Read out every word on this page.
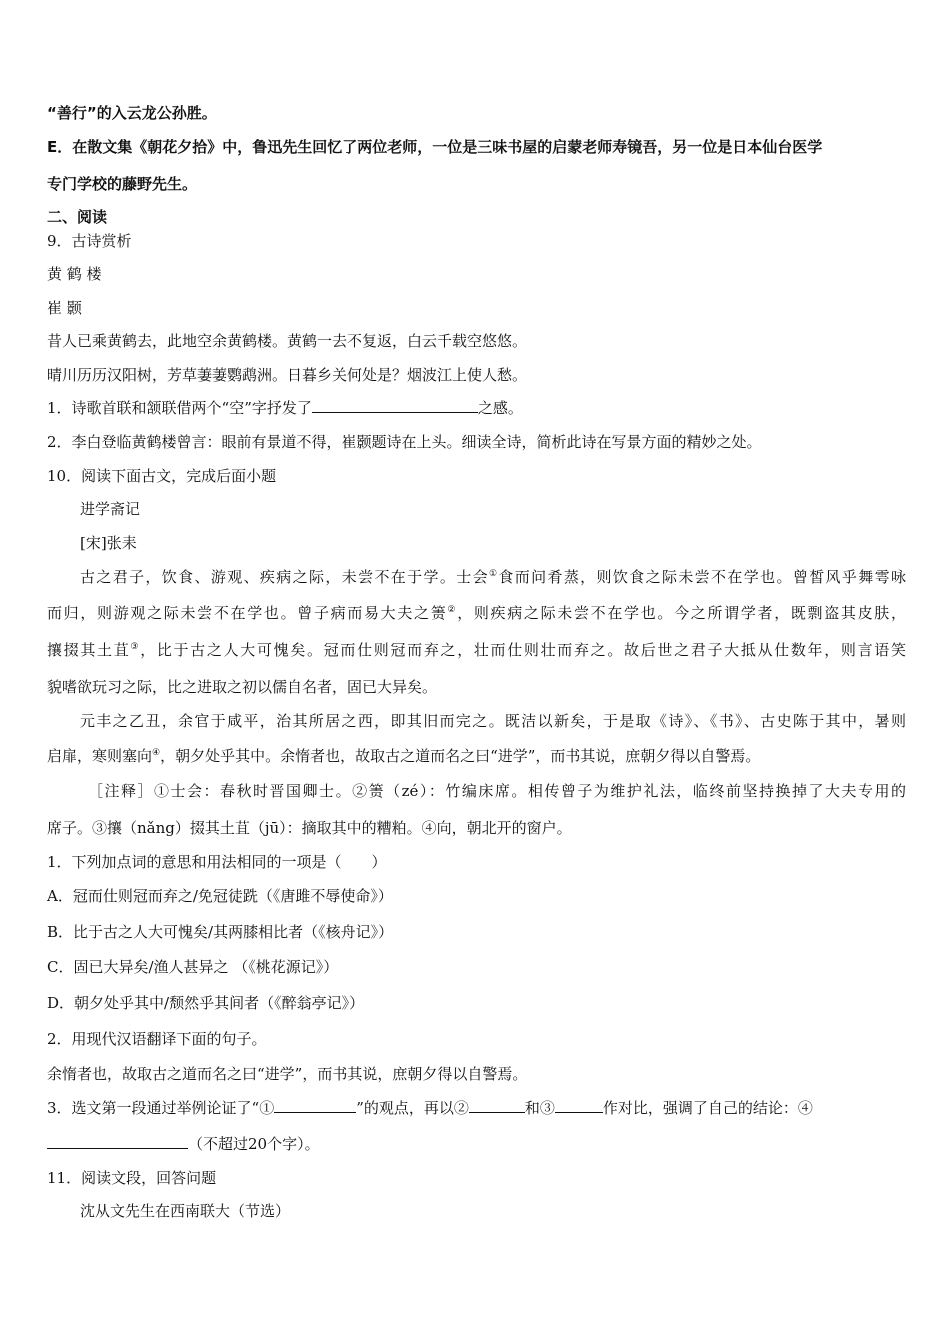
“善行”的入云龙公孙胜。
E．在散文集《朝花夕拾》中，鲁迅先生回忆了两位老师，一位是三味书屋的启蒙老师寿镜吾，另一位是日本仙台医学
专门学校的藤野先生。
二、阅读
9．古诗赏析
黄 鹤 楼
崔 颢
昔人已乘黄鹤去，此地空余黄鹤楼。黄鹤一去不复返，白云千载空悠悠。
晴川历历汉阳树，芳草萋萋鹦鹉洲。日暮乡关何处是？烟波江上使人愁。
1．诗歌首联和颔联借两个“空”字抒发了	之感。
2．李白登临黄鹤楼曾言：眼前有景道不得，崔颢题诗在上头。细读全诗，简析此诗在写景方面的精妙之处。
10．阅读下面古文，完成后面小题
进学斋记
[宋]张耒
古之君子，饮食、游观、疾病之际，未尝不在于学。士会①食而问肴蒸，则饮食之际未尝不在学也。曾皙风乎舞雩咏
而归，则游观之际未尝不在学也。曾子病而易大夫之箦②，则疾病之际未尝不在学也。今之所谓学者，既剽盗其皮肤，
攘掇其土苴③，比于古之人大可愧矣。冠而仕则冠而弃之，壮而仕则壮而弃之。故后世之君子大抵从仕数年，则言语笑
貌嗜欲玩习之际，比之进取之初以儒自名者，固已大异矣。
元丰之乙丑，余官于咸平，治其所居之西，即其旧而完之。既洁以新矣，于是取《诗》、《书》、古史陈于其中，暑则
启扉，寒则塞向④，朝夕处乎其中。余惰者也，故取古之道而名之曰“进学”，而书其说，庶朝夕得以自警焉。
［注释］①士会：春秋时晋国卿士。②箦（zé）：竹编床席。相传曾子为维护礼法，临终前坚持换掉了大夫专用的
席子。③攘（nǎng）掇其土苴（jū）：摘取其中的糟粕。④向，朝北开的窗户。
1．下列加点词的意思和用法相同的一项是（　　）
A．冠而仕则冠而弃之/免冠徒跣（《唐雎不辱使命》）
B．比于古之人大可愧矣/其两膝相比者（《核舟记》）
C．固已大异矣/渔人甚异之 （《桃花源记》）
D．朝夕处乎其中/颓然乎其间者（《醉翁亭记》）
2．用现代汉语翻译下面的句子。
余惰者也，故取古之道而名之曰“进学”，而书其说，庶朝夕得以自警焉。
3．选文第一段通过举例论证了“①	”的观点，再以②	和③	作对比，强调了自己的结论：④
（不超过20个字）。
11．阅读文段，回答问题
沈从文先生在西南联大（节选）
